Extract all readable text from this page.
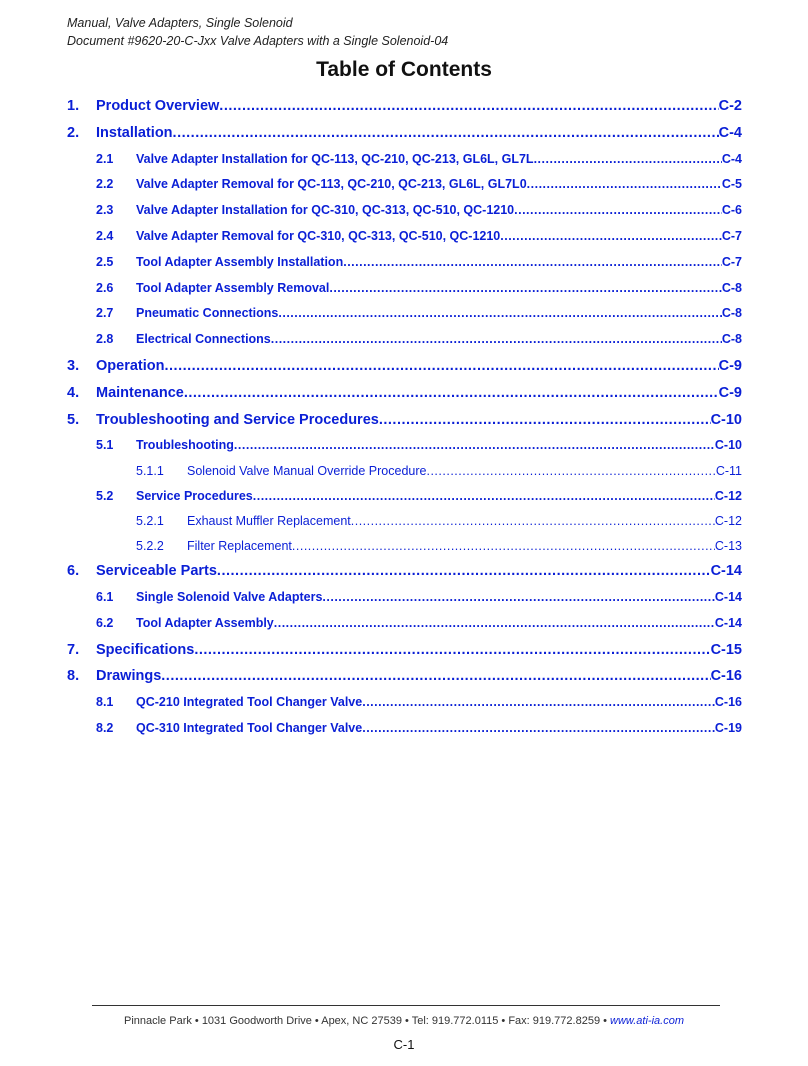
Manual, Valve Adapters, Single Solenoid
Document #9620-20-C-Jxx Valve Adapters with a Single Solenoid-04
Table of Contents
1.	Product Overview .....	C-2
2.	Installation .....	C-4
2.1	Valve Adapter Installation for QC-113, QC-210, QC-213, GL6L, GL7L .....	C-4
2.2	Valve Adapter Removal for QC-113, QC-210, QC-213, GL6L, GL7L0 .....	C-5
2.3	Valve Adapter Installation for QC-310, QC-313, QC-510, QC-1210 .....	C-6
2.4	Valve Adapter Removal for QC-310, QC-313, QC-510, QC-1210 .....	C-7
2.5	Tool Adapter Assembly Installation .....	C-7
2.6	Tool Adapter Assembly Removal .....	C-8
2.7	Pneumatic Connections .....	C-8
2.8	Electrical Connections .....	C-8
3.	Operation .....	C-9
4.	Maintenance .....	C-9
5.	Troubleshooting and Service Procedures .....	C-10
5.1	Troubleshooting .....	C-10
5.1.1	Solenoid Valve Manual Override Procedure .....	C-11
5.2	Service Procedures .....	C-12
5.2.1	Exhaust Muffler Replacement .....	C-12
5.2.2	Filter Replacement .....	C-13
6.	Serviceable Parts .....	C-14
6.1	Single Solenoid Valve Adapters .....	C-14
6.2	Tool Adapter Assembly .....	C-14
7.	Specifications .....	C-15
8.	Drawings .....	C-16
8.1	QC-210 Integrated Tool Changer Valve .....	C-16
8.2	QC-310 Integrated Tool Changer Valve .....	C-19
Pinnacle Park • 1031 Goodworth Drive • Apex, NC 27539 • Tel: 919.772.0115 • Fax: 919.772.8259 • www.ati-ia.com
C-1
